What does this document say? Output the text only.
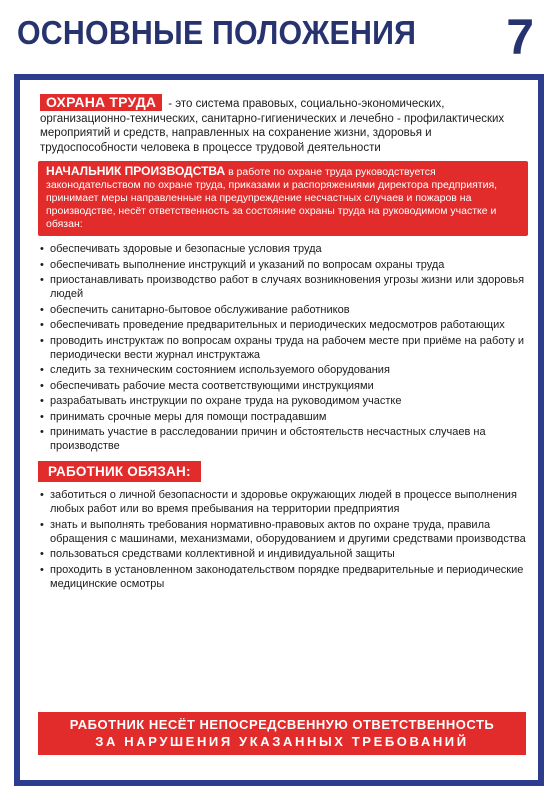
ОСНОВНЫЕ ПОЛОЖЕНИЯ 7
ОХРАНА ТРУДА - это система правовых, социально-экономических, организационно-технических, санитарно-гигиенических и лечебно - профилактических мероприятий и средств, направленных на сохранение жизни, здоровья и трудоспособности человека в процессе трудовой деятельности
НАЧАЛЬНИК ПРОИЗВОДСТВА в работе по охране труда руководствуется законодательством по охране труда, приказами и распоряжениями директора предприятия, принимает меры направленные на предупреждение несчастных случаев и пожаров на производстве, несёт ответственность за состояние охраны труда на руководимом участке и обязан:
• обеспечивать здоровые и безопасные условия труда
• обеспечивать выполнение инструкций и указаний по вопросам охраны труда
• приостанавливать производство работ в случаях возникновения угрозы жизни или здоровья людей
• обеспечить санитарно-бытовое обслуживание работников
• обеспечивать проведение предварительных и периодических медосмотров работающих
• проводить инструктаж по вопросам охраны труда на рабочем месте при приёме на работу и периодически вести журнал инструктажа
• следить за техническим состоянием используемого оборудования
• обеспечивать рабочие места соответствующими инструкциями
• разрабатывать инструкции по охране труда на руководимом участке
• принимать срочные меры для помощи пострадавшим
• принимать участие в расследовании причин и обстоятельств несчастных случаев на производстве
РАБОТНИК ОБЯЗАН:
• заботиться о личной безопасности и здоровье окружающих людей в процессе выполнения любых работ или во время пребывания на территории предприятия
• знать и выполнять требования нормативно-правовых актов по охране труда, правила обращения с машинами, механизмами, оборудованием и другими средствами производства
• пользоваться средствами коллективной и индивидуальной защиты
• проходить в установленном законодательством порядке предварительные и периодические медицинские осмотры
РАБОТНИК НЕСЁТ НЕПОСРЕДСВЕННУЮ ОТВЕТСТВЕННОСТЬ
ЗА НАРУШЕНИЯ УКАЗАННЫХ ТРЕБОВАНИЙ
